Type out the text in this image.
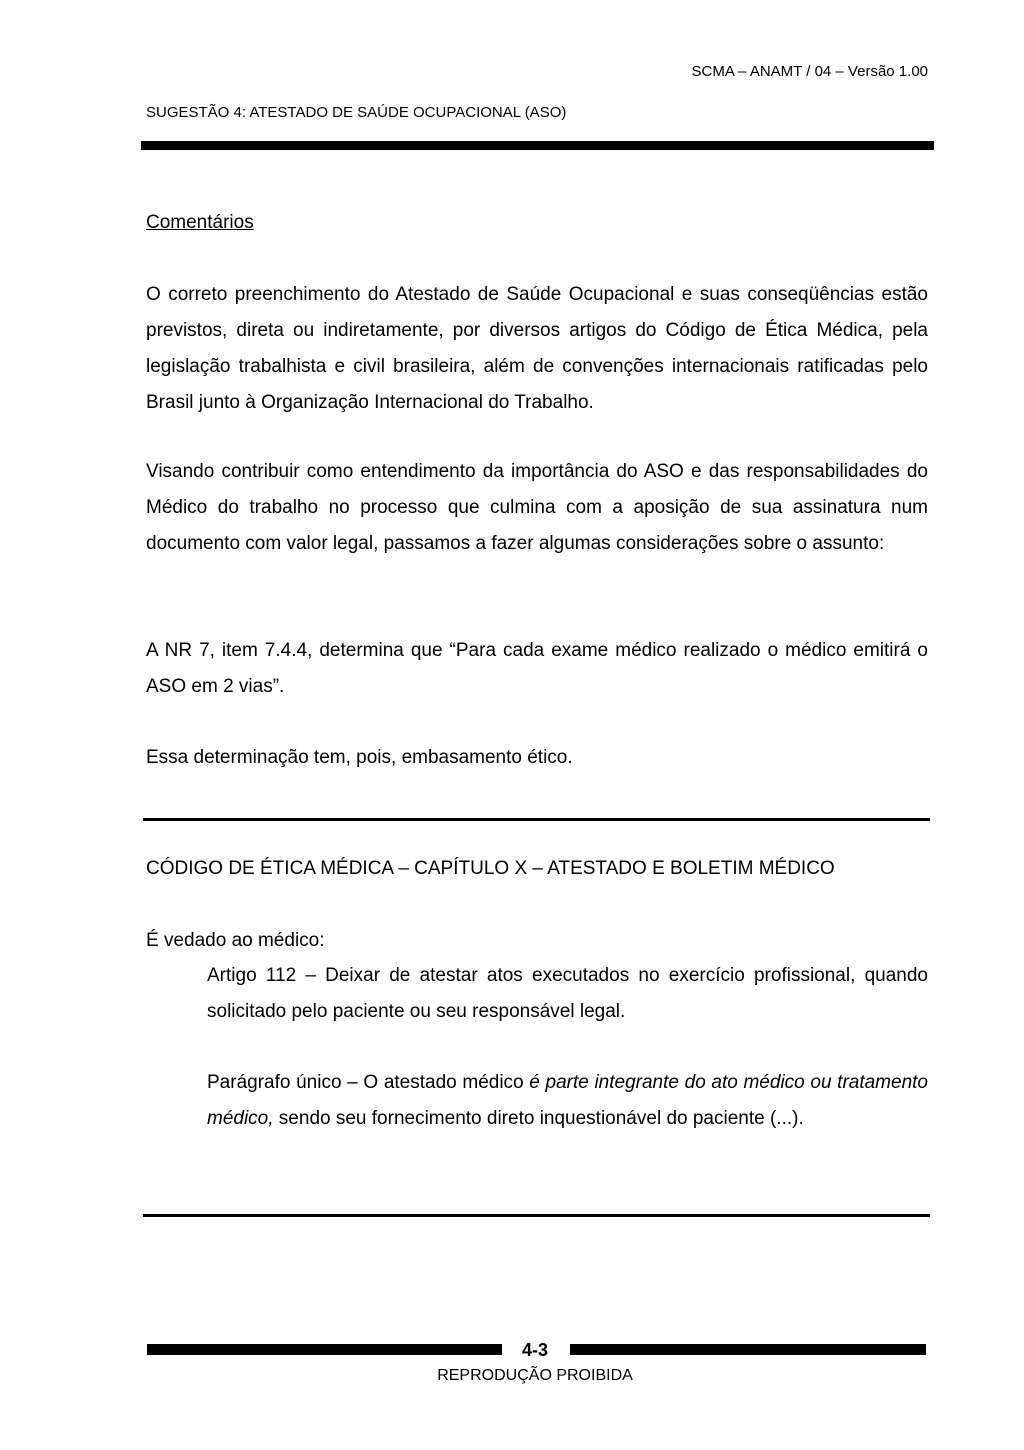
SCMA – ANAMT / 04 – Versão 1.00
SUGESTÃO 4: ATESTADO DE SAÚDE OCUPACIONAL (ASO)

Comentários

O correto preenchimento do Atestado de Saúde Ocupacional e suas conseqüências estão previstos, direta ou indiretamente, por diversos artigos do Código de Ética Médica, pela legislação trabalhista e civil brasileira, além de convenções internacionais ratificadas pelo Brasil junto à Organização Internacional do Trabalho.

Visando contribuir como entendimento da importância do ASO e das responsabilidades do Médico do trabalho no processo que culmina com a aposição de sua assinatura num documento com valor legal, passamos a fazer algumas considerações sobre o assunto:

A NR 7, item 7.4.4, determina que “Para cada exame médico realizado o médico emitirá o ASO em 2 vias”.

Essa determinação tem, pois, embasamento ético.

CÓDIGO DE ÉTICA MÉDICA – CAPÍTULO X – ATESTADO E BOLETIM MÉDICO

É vedado ao médico:

Artigo 112 – Deixar de atestar atos executados no exercício profissional, quando solicitado pelo paciente ou seu responsável legal.

Parágrafo único – O atestado médico é parte integrante do ato médico ou tratamento médico, sendo seu fornecimento direto inquestionável do paciente (...).

4-3
REPRODUÇÃO PROIBIDA
